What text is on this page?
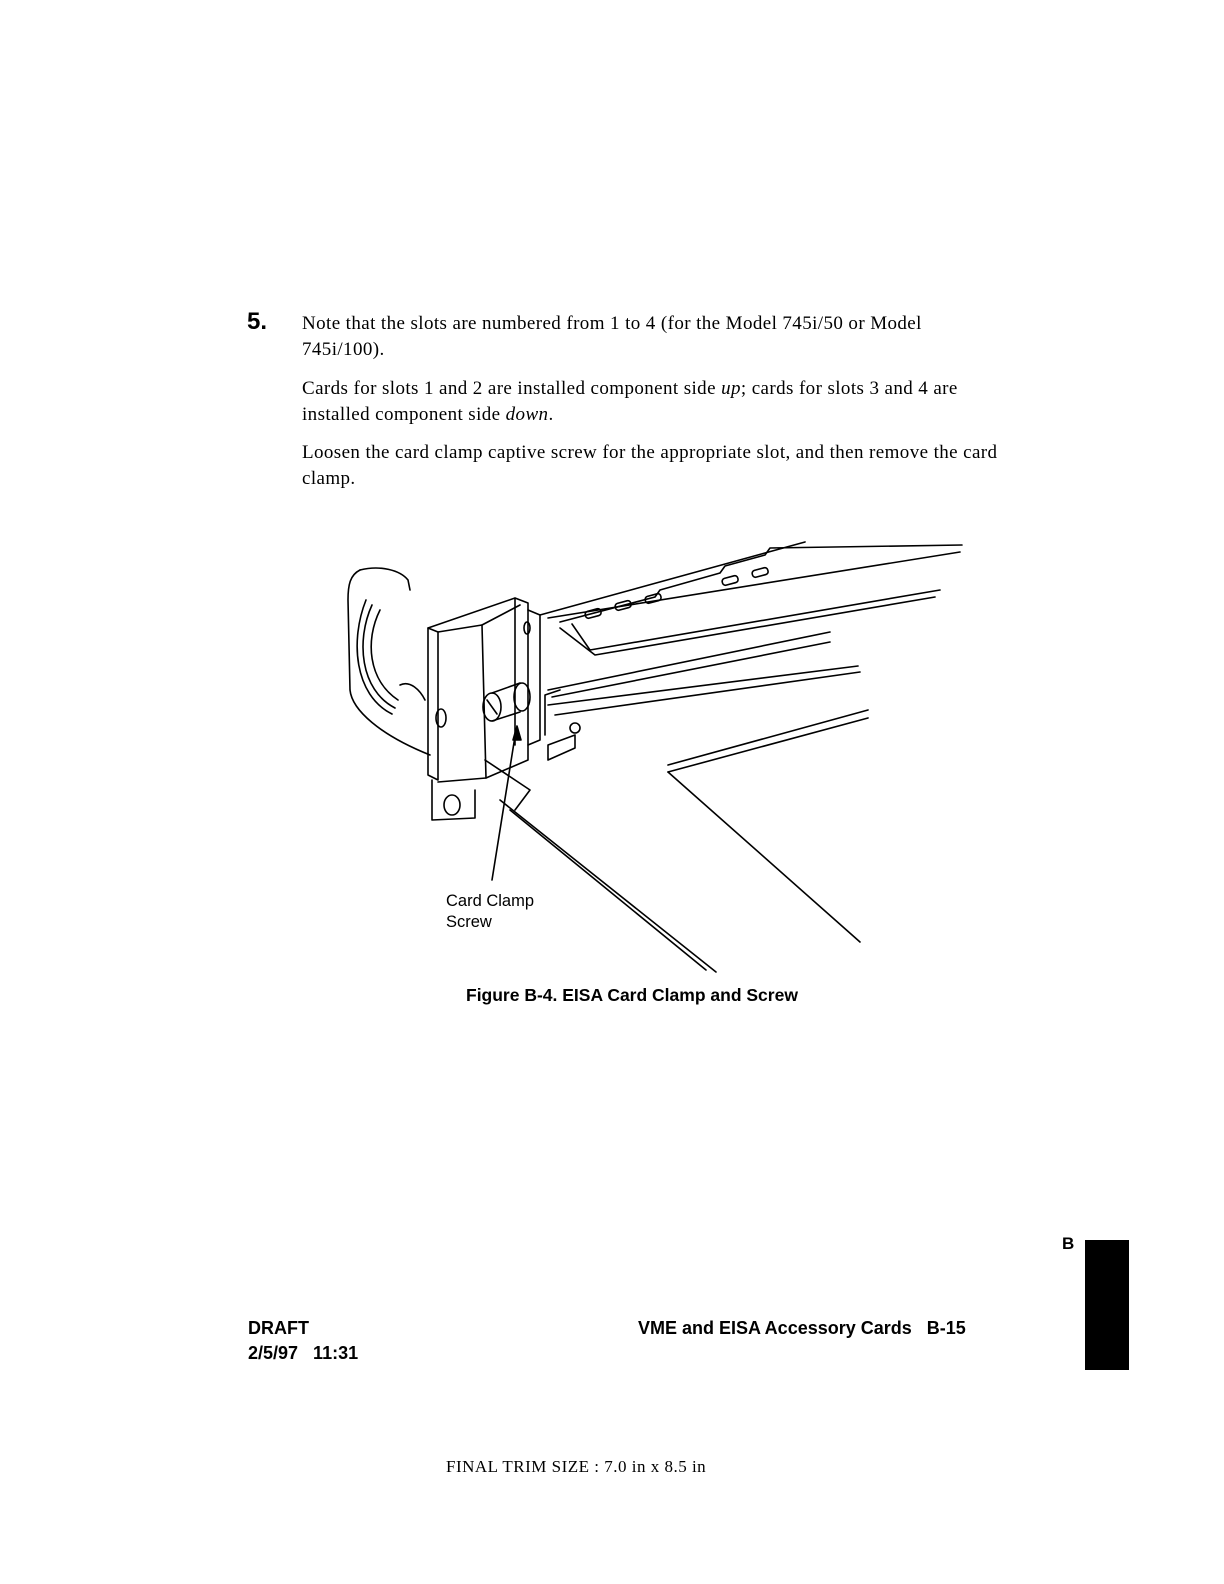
5. Note that the slots are numbered from 1 to 4 (for the Model 745i/50 or Model 745i/100).
Cards for slots 1 and 2 are installed component side up; cards for slots 3 and 4 are installed component side down.
Loosen the card clamp captive screw for the appropriate slot, and then remove the card clamp.
Card Clamp
Screw
Figure B-4. EISA Card Clamp and Screw
B
DRAFT
2/5/97   11:31
VME and EISA Accessory Cards   B-15
FINAL TRIM SIZE : 7.0 in x 8.5 in
